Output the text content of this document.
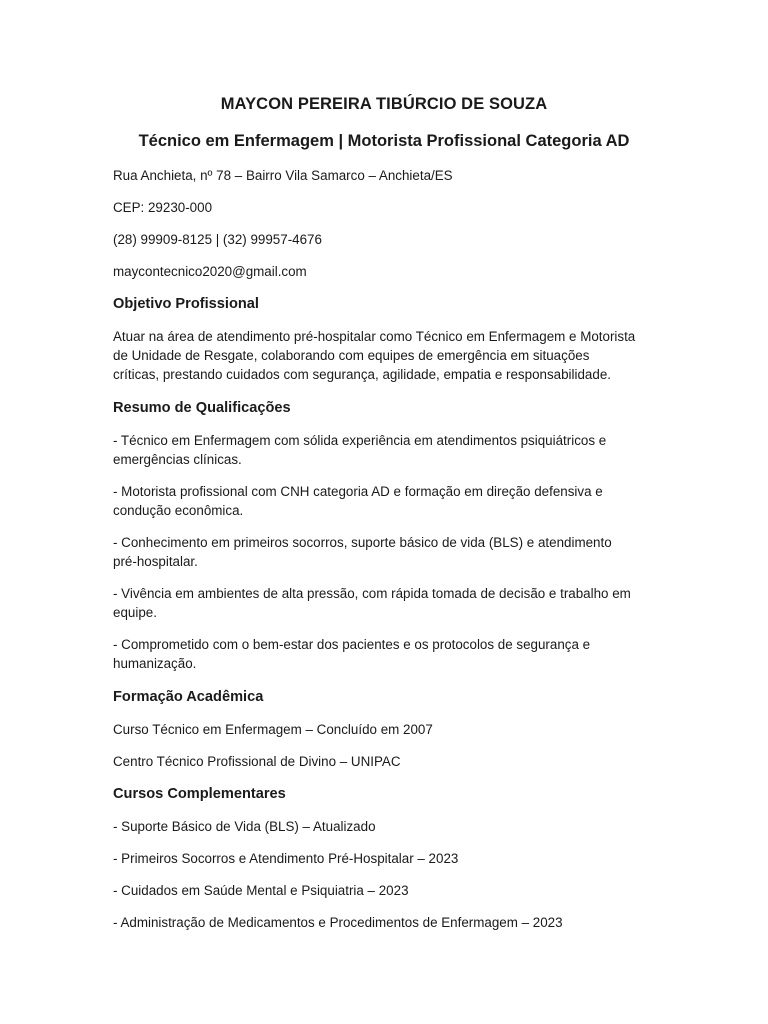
MAYCON PEREIRA TIBÚRCIO DE SOUZA
Técnico em Enfermagem | Motorista Profissional Categoria AD

Rua Anchieta, nº 78 – Bairro Vila Samarco – Anchieta/ES

CEP: 29230-000

(28) 99909-8125 | (32) 99957-4676

maycontecnico2020@gmail.com

Objetivo Profissional
Atuar na área de atendimento pré-hospitalar como Técnico em Enfermagem e Motorista
de Unidade de Resgate, colaborando com equipes de emergência em situações
críticas, prestando cuidados com segurança, agilidade, empatia e responsabilidade.
Resumo de Qualificações
- Técnico em Enfermagem com sólida experiência em atendimentos psiquiátricos e
emergências clínicas.
- Motorista profissional com CNH categoria AD e formação em direção defensiva e
condução econômica.
- Conhecimento em primeiros socorros, suporte básico de vida (BLS) e atendimento
pré-hospitalar.
- Vivência em ambientes de alta pressão, com rápida tomada de decisão e trabalho em
equipe.
- Comprometido com o bem-estar dos pacientes e os protocolos de segurança e
humanização.
Formação Acadêmica

Curso Técnico em Enfermagem – Concluído em 2007

Centro Técnico Profissional de Divino – UNIPAC

Cursos Complementares

- Suporte Básico de Vida (BLS) – Atualizado

- Primeiros Socorros e Atendimento Pré-Hospitalar – 2023

- Cuidados em Saúde Mental e Psiquiatria – 2023

- Administração de Medicamentos e Procedimentos de Enfermagem – 2023
